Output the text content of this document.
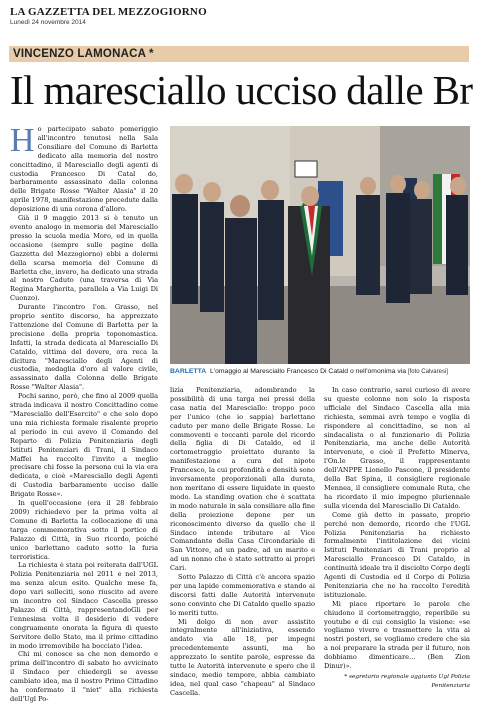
LA GAZZETTA DEL MEZZOGIORNO
Lunedì 24 novembre 2014
VINCENZO LAMONACA *
Il maresciallo ucciso dalle Br
H o partecipato sabato pomeriggio all'incontro tenutosi nella Sala Consiliare del Comune di Barletta dedicato alla memoria del nostro concittadino, il Maresciallo degli agenti di custodia Francesco Di Catal do, barbaramente assassinato dalla colonna delle Brigate Rosse "Walter Alasia" il 20 aprile 1978, manifestazione precedute dalla deposizione di una corona d'alloro.

Già il 9 maggio 2013 si è tenuto un evento analogo in memoria del Maresciallo presso la scuola media Moro, ed in quella occasione (sempre sulle pagine della Gazzetta del Mezzogiorno) ebbi a dolermi della scarsa memoria del Comune di Barletta che, invero, ha dedicato una strada al nostro Caduto (una traversa di Via Regina Margherita, parallela a Via Luigi Di Cuonzo).

Durante l'incontro l'on. Grasso, nel proprio sentito discorso, ha apprezzato l'attenzione del Comune di Barletta per la precisione della propria toponomastica. Infatti, la strada dedicata al Maresciallo Di Cataldo, vittima del dovere, ora reca la dicitura "Maresciallo degli Agenti di custodia, medaglia d'oro al valore civile, assassinato dalla Colonna delle Brigate Rosse "Walter Alasia".

Pochi sanno, però, che fino al 2009 quella strada indicava il nostro Concittadino come "Maresciallo dell'Esercito" e che solo dopo una mia richiesta formale risalente proprio al periodo in cui avevo il Comando del Reparto di Polizia Penitenziaria degli Istituti Penitenziari di Trani, il Sindaco Maffei ha raccolto l'invito a meglio precisare chi fosse la persona cui la via era dedicata, e cioè «Maresciallo degli Agenti di Custodia barbaramente ucciso dalle Brigate Rosse».

In quell'occasione (era il 28 febbraio 2009) richiedevo per la prima volta al Comune di Barletta la collocazione di una targa commemorativa sotto il portico di Palazzo di Città, in Suo ricordo, poiché unico barlettano caduto sotto la furia terroristica.

La richiesta è stata poi reiterata dall'UGL Polizia Penitenziaria nel 2011 e nel 2013, ma senza alcun esito. Qualche mese fa, dopo vari solleciti, sono riuscito ad avere un incontro col Sindaco Cascella presso Palazzo di Città, rappresentandoGli per l'ennesima volta il desiderio di vedere congruamente onorata la figura di questo Servitore dello Stato, ma il primo cittadino in modo irremovibile ha bocciato l'idea.

Chi mi conosce sa che non demordo e prima dell'incontro di sabato ho avvicinato il Sindaco per chiedergli se avesse cambiato idea, ma il nostro Primo Cittadino ha confermato il "niet" alla richiesta dell'Ugl Po-

BARLETTA L'omaggio al Maresciallo Francesco Di Catald o nell'omonima via [foto Calvaresi]

lizia Penitenziaria, adombrando la possibilità di una targa nei pressi della casa natia del Maresciallo: troppo poco per l'unico (che io sappia) barlettano caduto per mano delle Brigate Rosse. Le commoventi e toccanti parole del ricordo della figlia di Di Cataldo, ed il cortometraggio proiettato durante la manifestazione a cura del nipote Francesco, la cui profondità e densità sono inversamente proporzionali alla durata, non meritano di essere liquidate in questo modo. La standing ovation che è scattata in modo naturale in sala consiliare alla fine della proiezione depone per un riconoscimento diverso da quello che il Sindaco intende tributare al Vice Comandante della Casa Circondariale di San Vittore, ad un padre, ad un marito e ad un nonno che è stato sottratto ai propri Cari.

Sotto Palazzo di Città c'è ancora spazio per una lapide commemorativa e stando ai discorsi fatti dalle Autorità intervenute sono convinto che Di Cataldo quello spazio lo meriti tutto.

Mi dolgo di non aver assistito integralmente all'iniziativa, essendo andato via alle 18, per impegni precedentemente assunti, ma ho apprezzato le sentite parole, espresse da tutte le Autorità intervenute e spero che il sindaco, medio tempore, abbia cambiato idea, nel qual caso "chapeau" al Sindaco Cascella.

In caso contrario, sarei curioso di avere su queste colonne non solo la risposta ufficiale del Sindaco Cascella alla mia richiesta, semmai avrà tempo e voglia di rispondere al concittadino, se non al sindacalista o al funzionario di Polizia Penitenziaria, ma anche delle Autorità intervenute, e cioè il Prefetto Minerva, l'On.le Grasso, il rappresentante dell'ANPPE Lionello Pascone, il presidente della Bat Spina, il consigliere regionale Mennea, il consigliere comunale Ruta, che ha ricordato il mio impegno pluriennale sulla vicenda del Maresciallo Di Cataldo.

Come già detto in passato, proprio perché non demordo, ricordo che l'UGL Polizia Penitenziaria ha richiesto formalmente l'intitolazione dei vicini Istituti Penitenziari di Trani proprio al Maresciallo Francesco Di Cataldo, in continuità ideale tra il disciolto Corpo degli Agenti di Custodia ed il Corpo di Polizia Penitenziaria che ne ha raccolto l'eredità istituzionale.

Mi piace riportare le parole che chiudono il cortometraggio, reperibile su youtube e di cui consiglio la visione: «se vogliamo vivere e trasmettere la vita ai nostri posteri, se vogliamo credere che sia a noi preparare la strada per il futuro, non dobbiamo dimenticare… (Ben Zion Dinur)».

* segretario regionale aggiunto Ugl Polizia Penitenziaria
